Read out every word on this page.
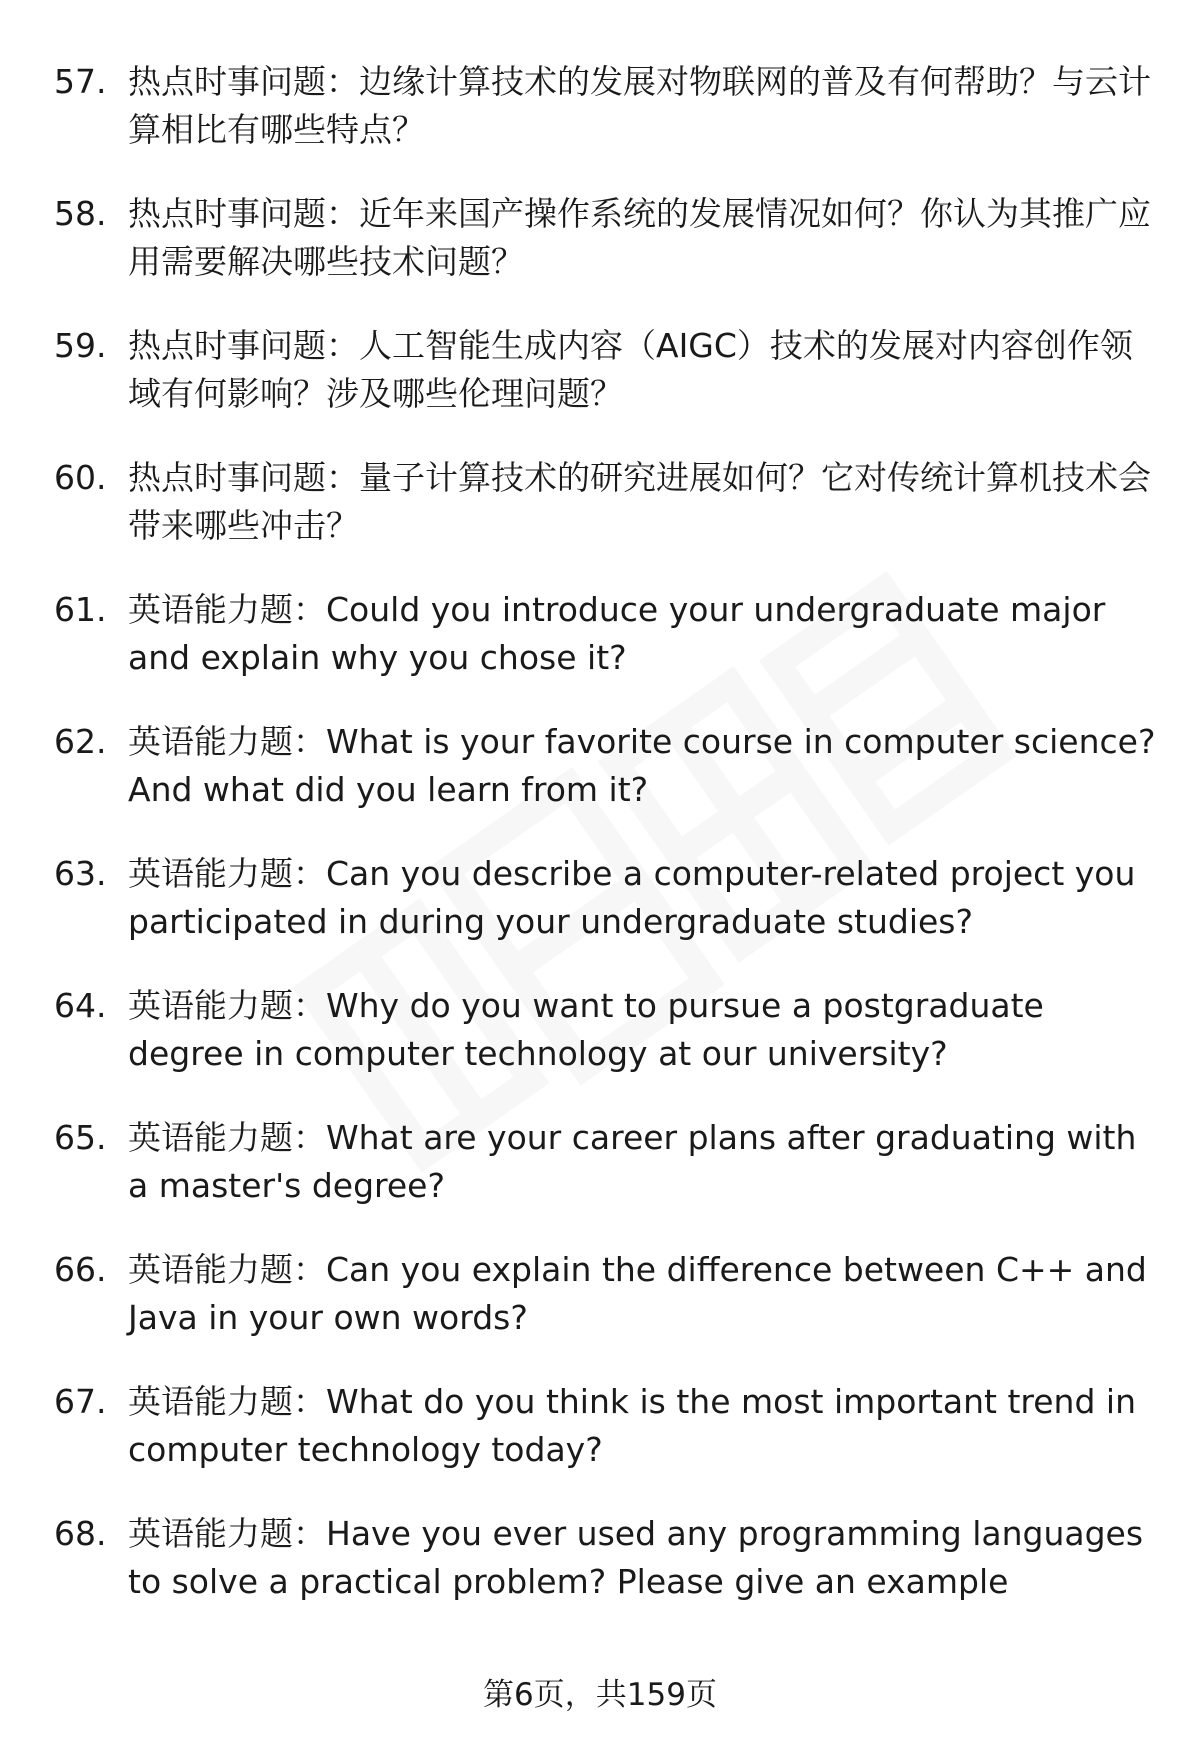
57. 热点时事问题：边缘计算技术的发展对物联网的普及有何帮助？与云计算相比有哪些特点？
58. 热点时事问题：近年来国产操作系统的发展情况如何？你认为其推广应用需要解决哪些技术问题？
59. 热点时事问题：人工智能生成内容（AIGC）技术的发展对内容创作领域有何影响？涉及哪些伦理问题？
60. 热点时事问题：量子计算技术的研究进展如何？它对传统计算机技术会带来哪些冲击？
61. 英语能力题：Could you introduce your undergraduate major and explain why you chose it?
62. 英语能力题：What is your favorite course in computer science? And what did you learn from it?
63. 英语能力题：Can you describe a computer-related project you participated in during your undergraduate studies?
64. 英语能力题：Why do you want to pursue a postgraduate degree in computer technology at our university?
65. 英语能力题：What are your career plans after graduating with a master's degree?
66. 英语能力题：Can you explain the difference between C++ and Java in your own words?
67. 英语能力题：What do you think is the most important trend in computer technology today?
68. 英语能力题：Have you ever used any programming languages to solve a practical problem? Please give an example
第6页，共159页
